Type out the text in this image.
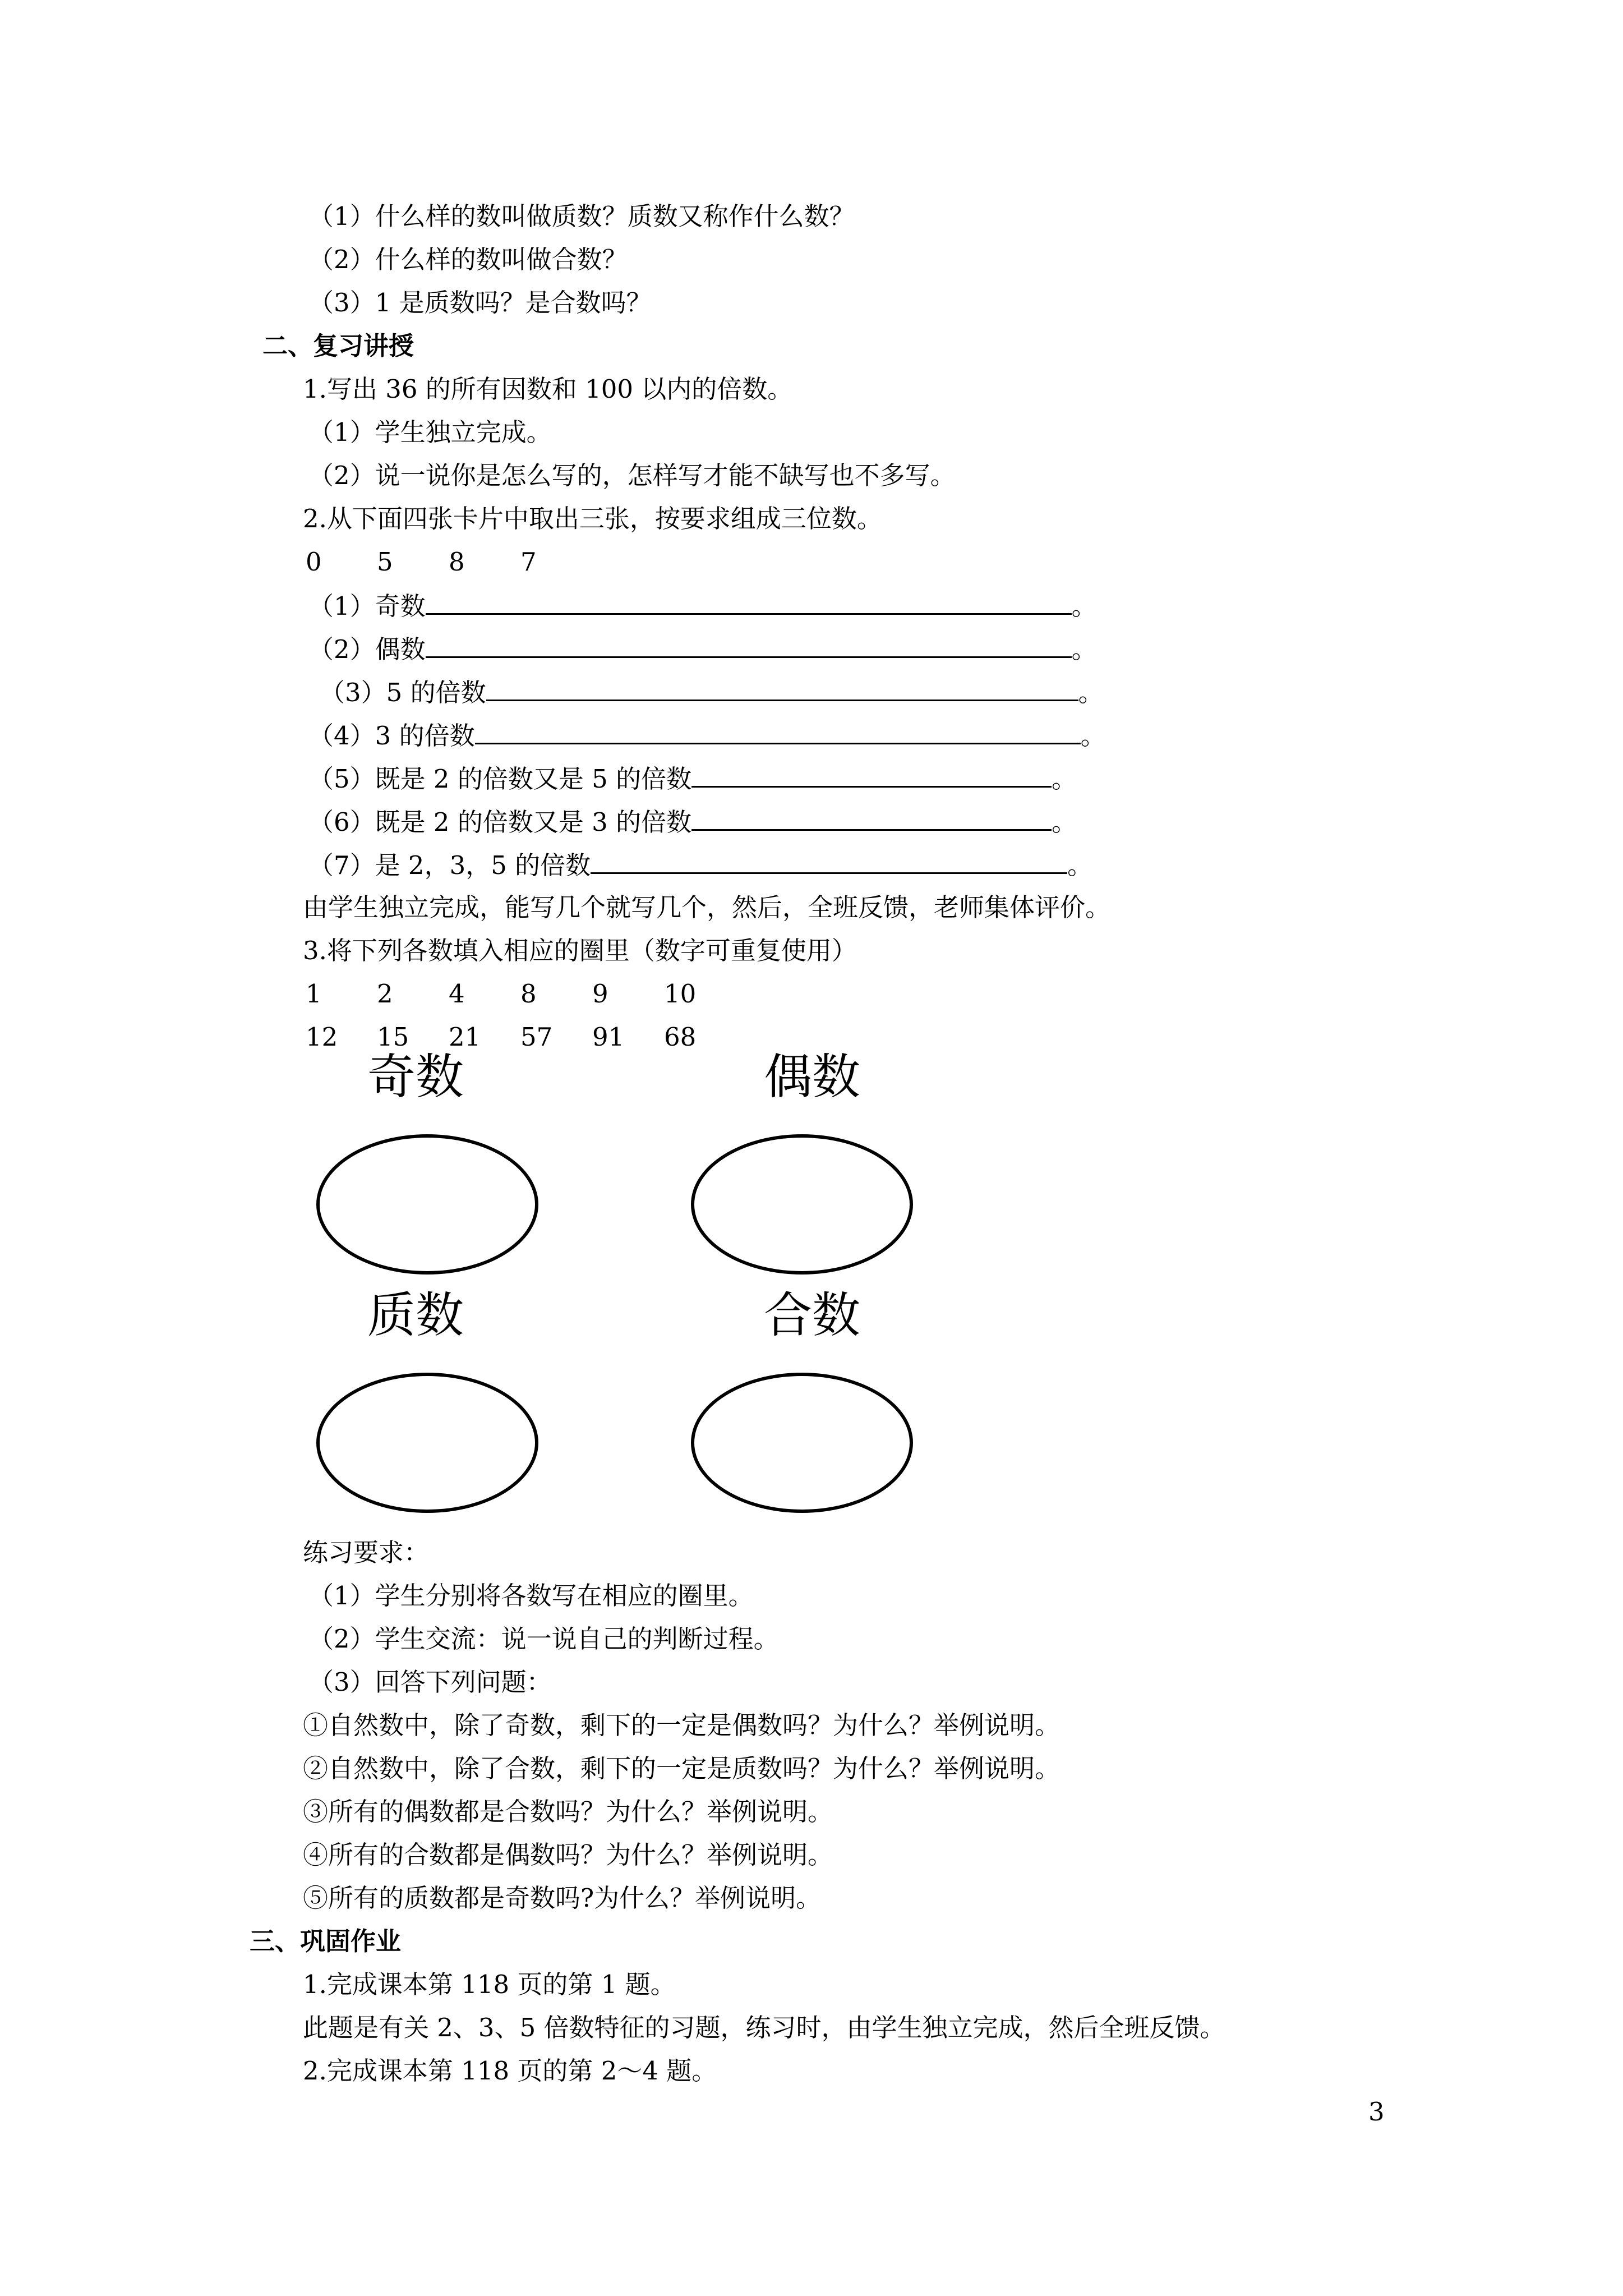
（1）什么样的数叫做质数？质数又称作什么数？
（2）什么样的数叫做合数？
（3）1 是质数吗？是合数吗？
二、复习讲授
1.写出 36 的所有因数和 100 以内的倍数。
（1）学生独立完成。
（2）说一说你是怎么写的，怎样写才能不缺写也不多写。
2.从下面四张卡片中取出三张，按要求组成三位数。
0 5 8 7
（1）奇数	。
（2）偶数	。
（3）5 的倍数	。
（4）3 的倍数	。
（5）既是 2 的倍数又是 5 的倍数	。
（6）既是 2 的倍数又是 3 的倍数	。
（7）是 2，3，5 的倍数	。
由学生独立完成，能写几个就写几个，然后，全班反馈，老师集体评价。
3.将下列各数填入相应的圈里（数字可重复使用）
1 2 4 8 9 10
12 15 21 57 91 68
奇数	偶数
质数	合数
练习要求：
（1）学生分别将各数写在相应的圈里。
（2）学生交流：说一说自己的判断过程。
（3）回答下列问题：
①自然数中，除了奇数，剩下的一定是偶数吗？为什么？举例说明。
②自然数中，除了合数，剩下的一定是质数吗？为什么？举例说明。
③所有的偶数都是合数吗？为什么？举例说明。
④所有的合数都是偶数吗？为什么？举例说明。
⑤所有的质数都是奇数吗?为什么？举例说明。
三、巩固作业
1.完成课本第 118 页的第 1 题。
此题是有关 2、3、5 倍数特征的习题，练习时，由学生独立完成，然后全班反馈。
2.完成课本第 118 页的第 2～4 题。
3
